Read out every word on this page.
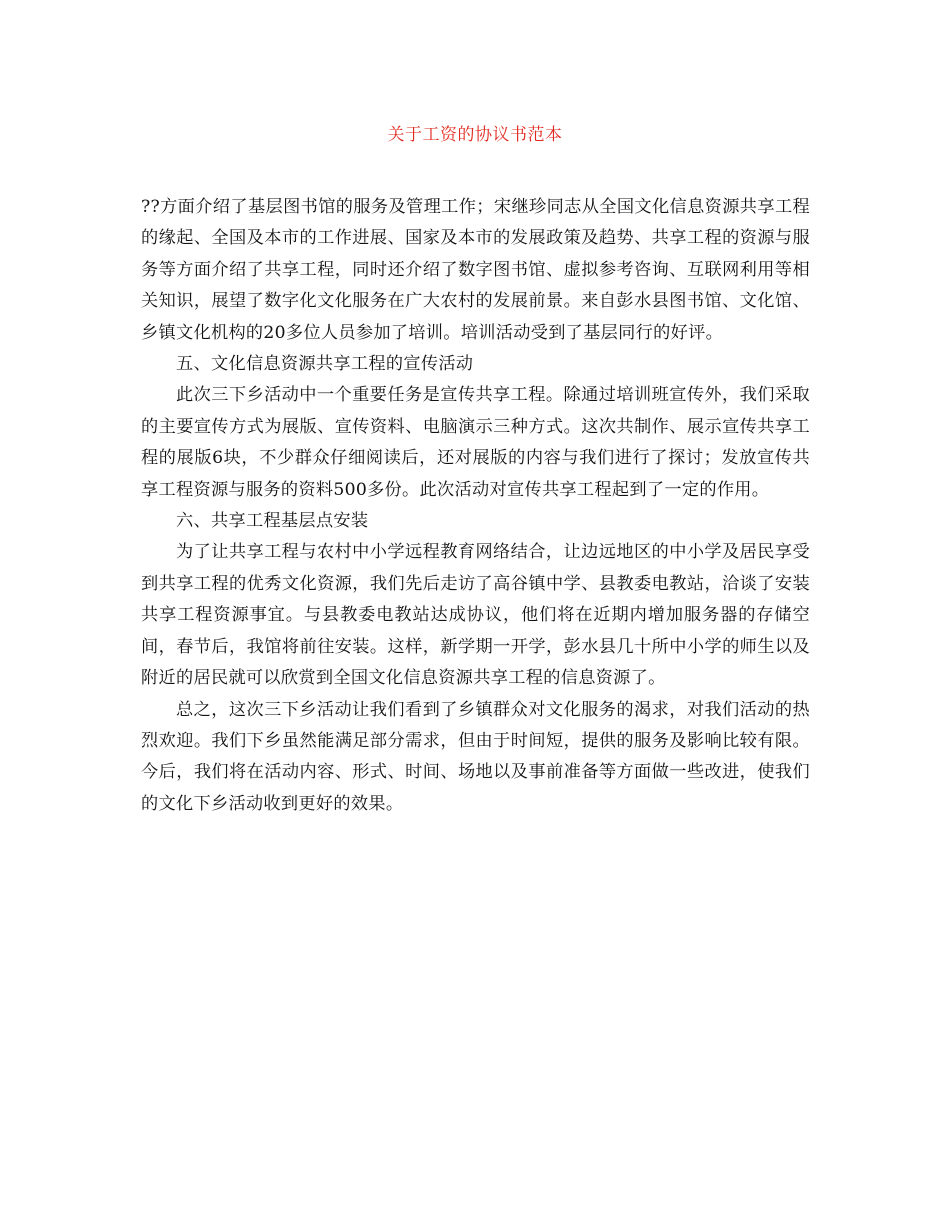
关于工资的协议书范本

??方面介绍了基层图书馆的服务及管理工作；宋继珍同志从全国文化信息资源共享工程的缘起、全国及本市的工作进展、国家及本市的发展政策及趋势、共享工程的资源与服务等方面介绍了共享工程，同时还介绍了数字图书馆、虚拟参考咨询、互联网利用等相关知识，展望了数字化文化服务在广大农村的发展前景。来自彭水县图书馆、文化馆、乡镇文化机构的20多位人员参加了培训。培训活动受到了基层同行的好评。

五、文化信息资源共享工程的宣传活动

此次三下乡活动中一个重要任务是宣传共享工程。除通过培训班宣传外，我们采取的主要宣传方式为展版、宣传资料、电脑演示三种方式。这次共制作、展示宣传共享工程的展版6块，不少群众仔细阅读后，还对展版的内容与我们进行了探讨；发放宣传共享工程资源与服务的资料500多份。此次活动对宣传共享工程起到了一定的作用。

六、共享工程基层点安装

为了让共享工程与农村中小学远程教育网络结合，让边远地区的中小学及居民享受到共享工程的优秀文化资源，我们先后走访了高谷镇中学、县教委电教站，洽谈了安装共享工程资源事宜。与县教委电教站达成协议，他们将在近期内增加服务器的存储空间，春节后，我馆将前往安装。这样，新学期一开学，彭水县几十所中小学的师生以及附近的居民就可以欣赏到全国文化信息资源共享工程的信息资源了。

总之，这次三下乡活动让我们看到了乡镇群众对文化服务的渴求，对我们活动的热烈欢迎。我们下乡虽然能满足部分需求，但由于时间短，提供的服务及影响比较有限。今后，我们将在活动内容、形式、时间、场地以及事前准备等方面做一些改进，使我们的文化下乡活动收到更好的效果。
